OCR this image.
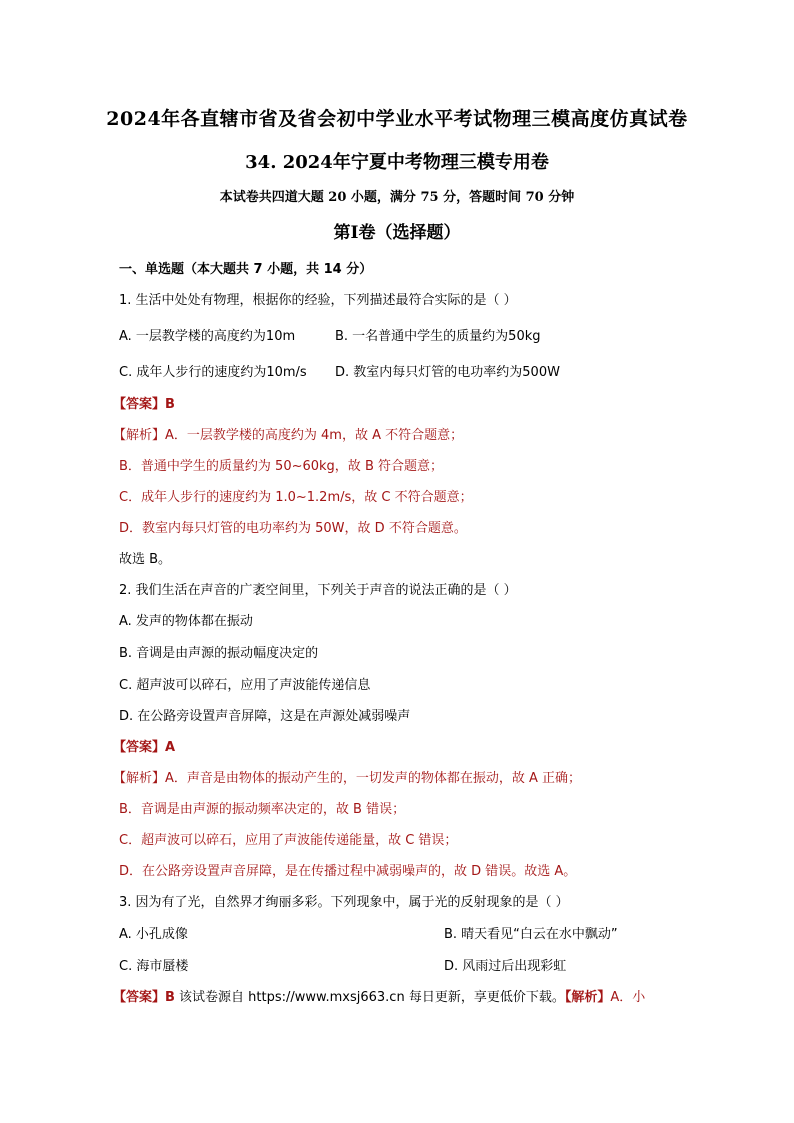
2024年各直辖市省及省会初中学业水平考试物理三模高度仿真试卷
34. 2024年宁夏中考物理三模专用卷
本试卷共四道大题 20 小题，满分 75 分，答题时间 70 分钟
第Ⅰ卷（选择题）
一、单选题（本大题共 7 小题，共 14 分）
1. 生活中处处有物理，根据你的经验，下列描述最符合实际的是（ ）
A. 一层教学楼的高度约为10m	B. 一名普通中学生的质量约为50kg
C. 成年人步行的速度约为10m/s D. 教室内每只灯管的电功率约为500W
【答案】B
【解析】A．一层教学楼的高度约为 4m，故 A 不符合题意；
B．普通中学生的质量约为 50~60kg，故 B 符合题意；
C．成年人步行的速度约为 1.0~1.2m/s，故 C 不符合题意；
D．教室内每只灯管的电功率约为 50W，故 D 不符合题意。
故选 B。
2. 我们生活在声音的广袤空间里，下列关于声音的说法正确的是（ ）
A. 发声的物体都在振动
B. 音调是由声源的振动幅度决定的
C. 超声波可以碎石，应用了声波能传递信息
D. 在公路旁设置声音屏障，这是在声源处减弱噪声
【答案】A
【解析】A．声音是由物体的振动产生的，一切发声的物体都在振动，故 A 正确；
B．音调是由声源的振动频率决定的，故 B 错误；
C．超声波可以碎石，应用了声波能传递能量，故 C 错误；
D．在公路旁设置声音屏障，是在传播过程中减弱噪声的，故 D 错误。故选 A。
3. 因为有了光，自然界才绚丽多彩。下列现象中，属于光的反射现象的是（ ）
A. 小孔成像	B. 晴天看见“白云在水中飘动”
C. 海市蜃楼	D. 风雨过后出现彩虹
【答案】B 该试卷源自 https://www.mxsj663.cn 每日更新，享更低价下载。【解析】A．小
